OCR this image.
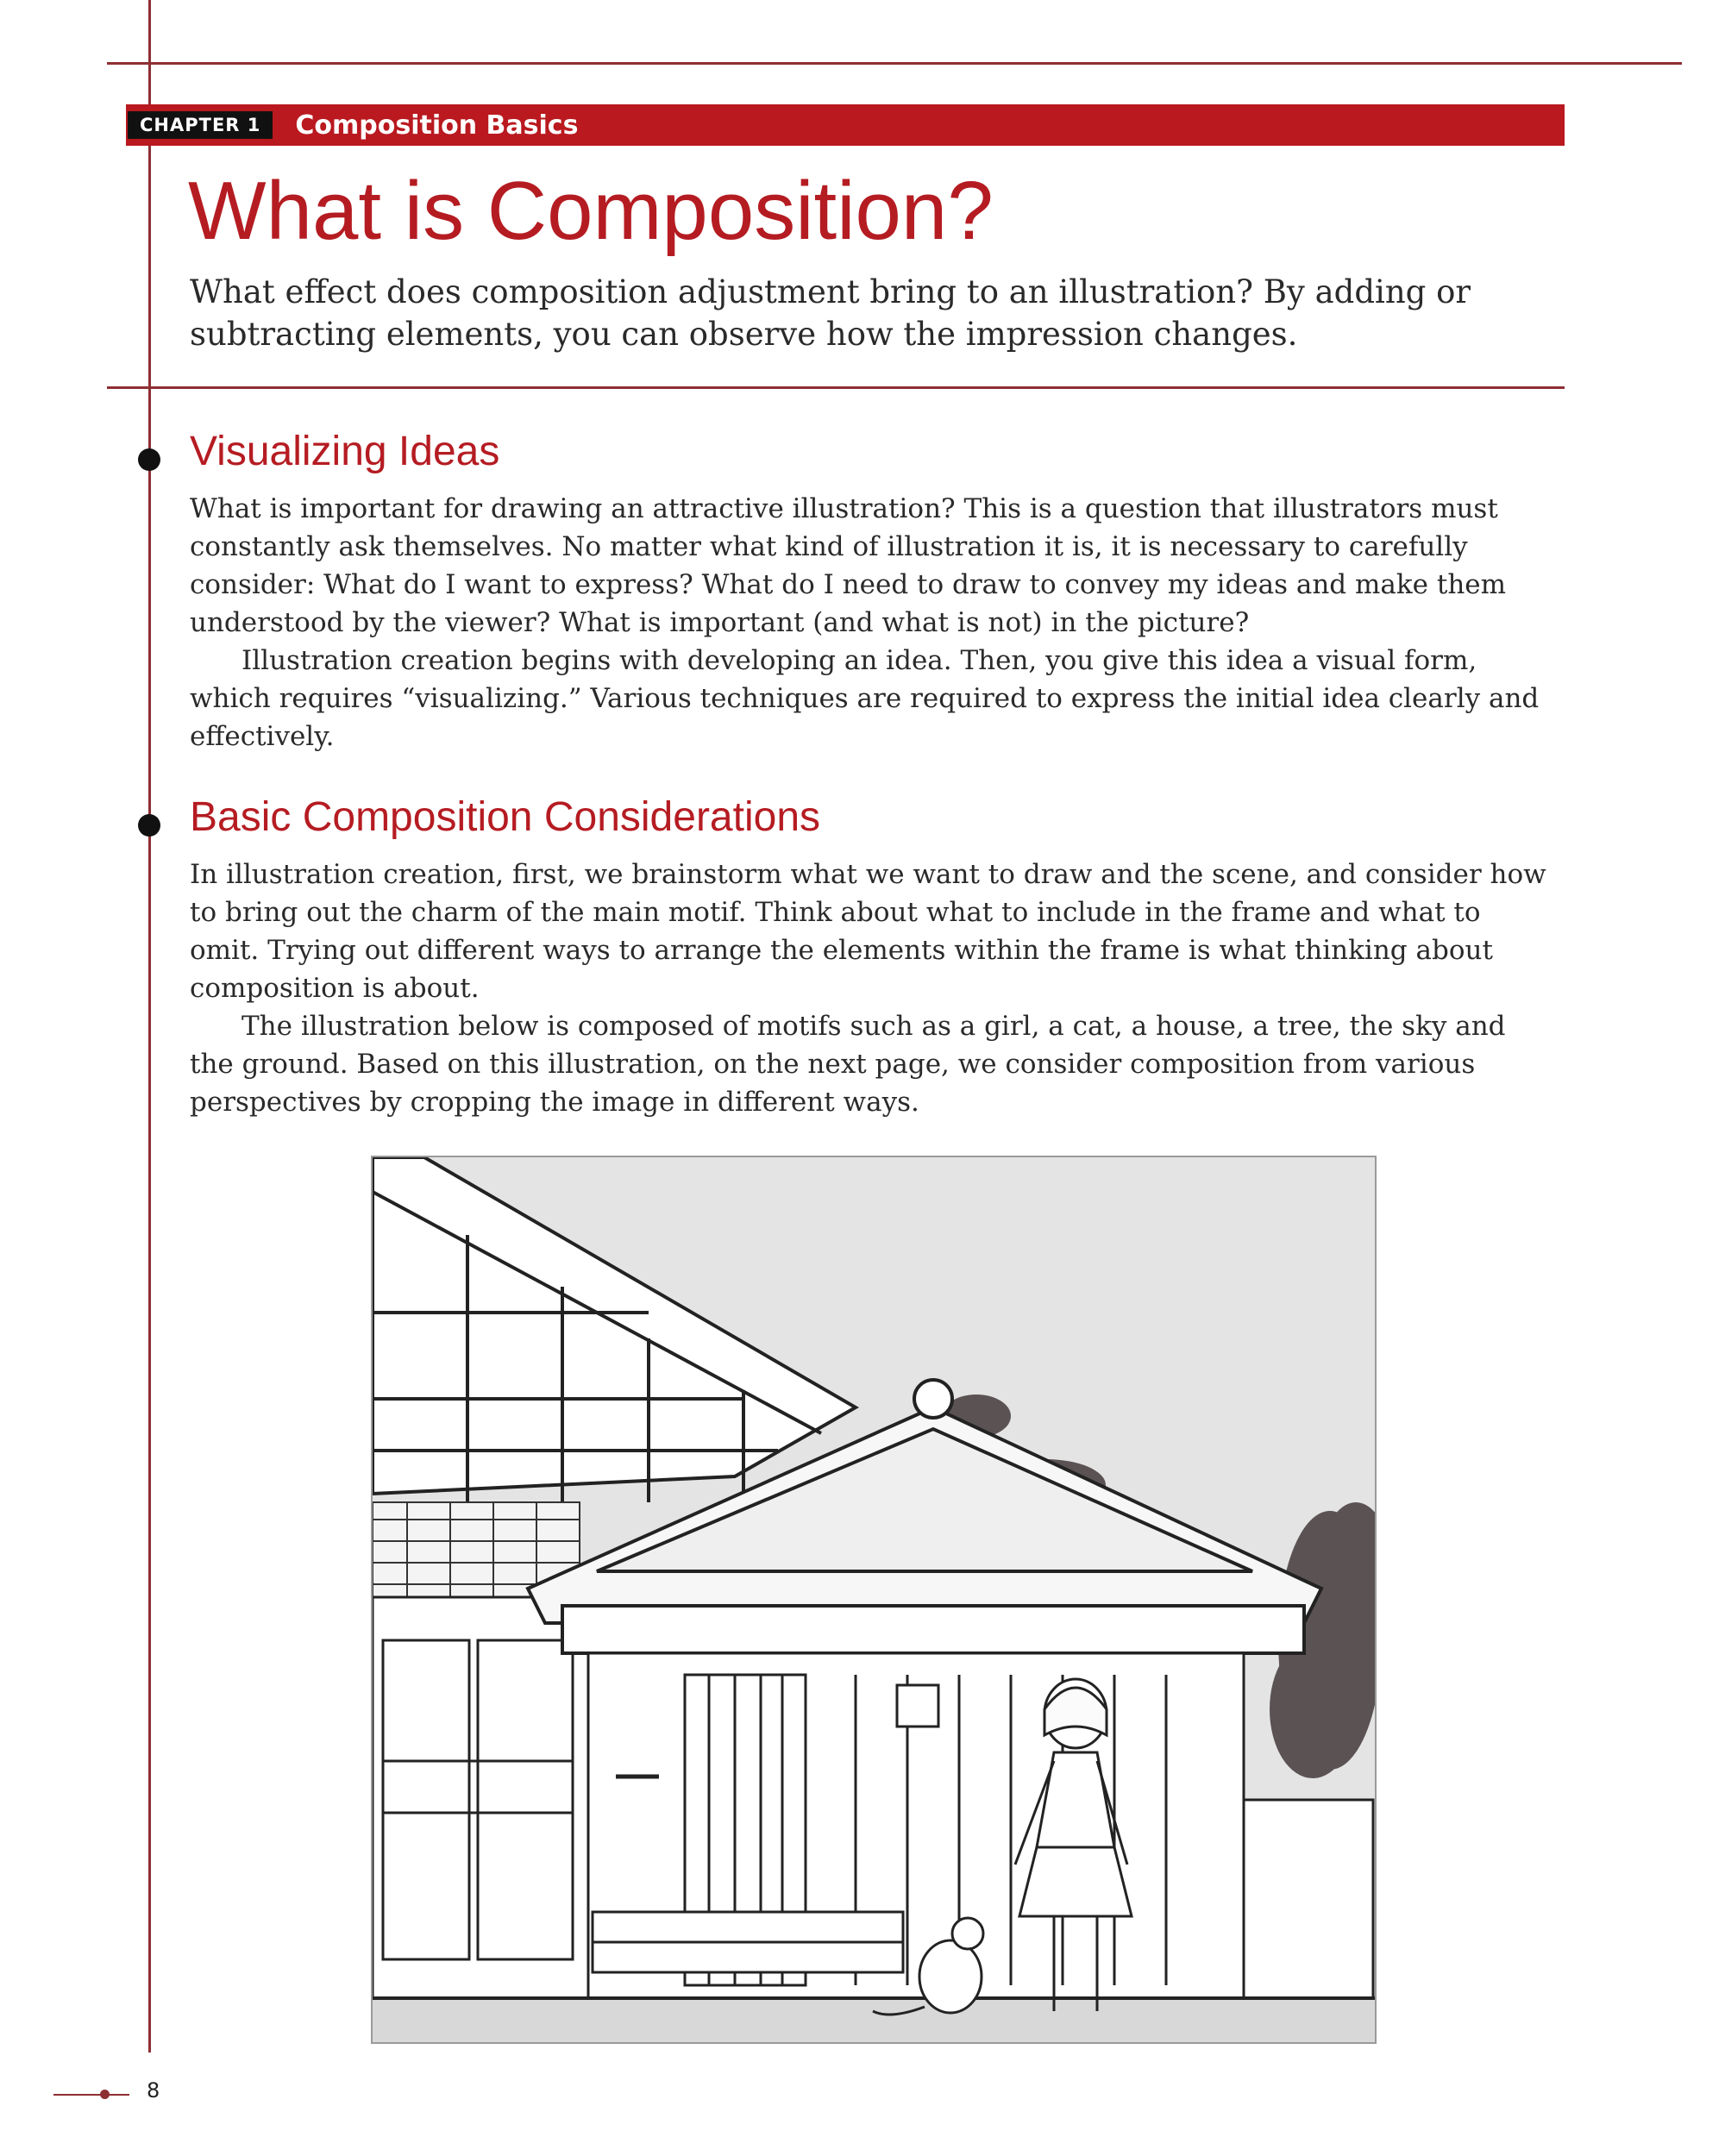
CHAPTER 1	Composition Basics
What is Composition?

What effect does composition adjustment bring to an illustration? By adding or subtracting elements, you can observe how the impression changes.

Visualizing Ideas

What is important for drawing an attractive illustration? This is a question that illustrators must constantly ask themselves. No matter what kind of illustration it is, it is necessary to carefully consider: What do I want to express? What do I need to draw to convey my ideas and make them understood by the viewer? What is important (and what is not) in the picture?

Illustration creation begins with developing an idea. Then, you give this idea a visual form, which requires “visualizing.” Various techniques are required to express the initial idea clearly and effectively.

Basic Composition Considerations

In illustration creation, first, we brainstorm what we want to draw and the scene, and consider how to bring out the charm of the main motif. Think about what to include in the frame and what to omit. Trying out different ways to arrange the elements within the frame is what thinking about composition is about.

The illustration below is composed of motifs such as a girl, a cat, a house, a tree, the sky and the ground. Based on this illustration, on the next page, we consider composition from various perspectives by cropping the image in different ways.

8
